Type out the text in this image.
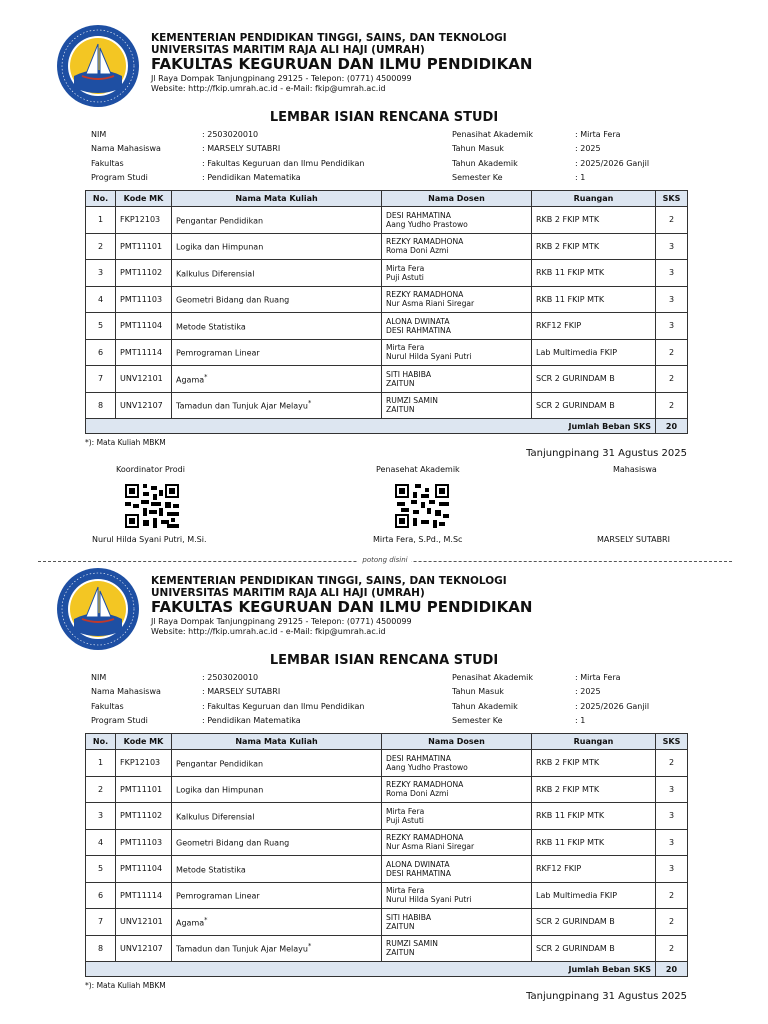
KEMENTERIAN PENDIDIKAN TINGGI, SAINS, DAN TEKNOLOGI
UNIVERSITAS MARITIM RAJA ALI HAJI (UMRAH)
FAKULTAS KEGURUAN DAN ILMU PENDIDIKAN
Jl Raya Dompak Tanjungpinang 29125 - Telepon: (0771) 4500099
Website: http://fkip.umrah.ac.id - e-Mail: fkip@umrah.ac.id
LEMBAR ISIAN RENCANA STUDI
NIM	: 2503020010
Nama Mahasiswa	: MARSELY SUTABRI
Fakultas	: Fakultas Keguruan dan Ilmu Pendidikan
Program Studi	: Pendidikan Matematika
Penasihat Akademik	: Mirta Fera
Tahun Masuk	: 2025
Tahun Akademik	: 2025/2026 Ganjil
Semester Ke	: 1
No.	Kode MK	Nama Mata Kuliah	Nama Dosen	Ruangan	SKS
1	FKP12103	Pengantar Pendidikan	DESI RAHMATINA
Aang Yudho Prastowo	RKB 2 FKIP MTK	2
2	PMT11101	Logika dan Himpunan	REZKY RAMADHONA
Roma Doni Azmi	RKB 2 FKIP MTK	3
3	PMT11102	Kalkulus Diferensial	Mirta Fera
Puji Astuti	RKB 11 FKIP MTK	3
4	PMT11103	Geometri Bidang dan Ruang	REZKY RAMADHONA
Nur Asma Riani Siregar	RKB 11 FKIP MTK	3
5	PMT11104	Metode Statistika	ALONA DWINATA
DESI RAHMATINA	RKF12 FKIP	3
6	PMT11114	Pemrograman Linear	Mirta Fera
Nurul Hilda Syani Putri	Lab Multimedia FKIP	2
7	UNV12101	Agama*	SITI HABIBA
ZAITUN	SCR 2 GURINDAM B	2
8	UNV12107	Tamadun dan Tunjuk Ajar Melayu*	RUMZI SAMIN
ZAITUN	SCR 2 GURINDAM B	2
Jumlah Beban SKS					20
*): Mata Kuliah MBKM
Tanjungpinang 31 Agustus 2025
Koordinator Prodi	Penasehat Akademik	Mahasiswa
Nurul Hilda Syani Putri, M.Si.	Mirta Fera, S.Pd., M.Sc	MARSELY SUTABRI
potong disini
KEMENTERIAN PENDIDIKAN TINGGI, SAINS, DAN TEKNOLOGI
UNIVERSITAS MARITIM RAJA ALI HAJI (UMRAH)
FAKULTAS KEGURUAN DAN ILMU PENDIDIKAN
Jl Raya Dompak Tanjungpinang 29125 - Telepon: (0771) 4500099
Website: http://fkip.umrah.ac.id - e-Mail: fkip@umrah.ac.id
LEMBAR ISIAN RENCANA STUDI
NIM	: 2503020010
Nama Mahasiswa	: MARSELY SUTABRI
Fakultas	: Fakultas Keguruan dan Ilmu Pendidikan
Program Studi	: Pendidikan Matematika
Penasihat Akademik	: Mirta Fera
Tahun Masuk	: 2025
Tahun Akademik	: 2025/2026 Ganjil
Semester Ke	: 1
No.	Kode MK	Nama Mata Kuliah	Nama Dosen	Ruangan	SKS
1	FKP12103	Pengantar Pendidikan	DESI RAHMATINA
Aang Yudho Prastowo	RKB 2 FKIP MTK	2
2	PMT11101	Logika dan Himpunan	REZKY RAMADHONA
Roma Doni Azmi	RKB 2 FKIP MTK	3
3	PMT11102	Kalkulus Diferensial	Mirta Fera
Puji Astuti	RKB 11 FKIP MTK	3
4	PMT11103	Geometri Bidang dan Ruang	REZKY RAMADHONA
Nur Asma Riani Siregar	RKB 11 FKIP MTK	3
5	PMT11104	Metode Statistika	ALONA DWINATA
DESI RAHMATINA	RKF12 FKIP	3
6	PMT11114	Pemrograman Linear	Mirta Fera
Nurul Hilda Syani Putri	Lab Multimedia FKIP	2
7	UNV12101	Agama*	SITI HABIBA
ZAITUN	SCR 2 GURINDAM B	2
8	UNV12107	Tamadun dan Tunjuk Ajar Melayu*	RUMZI SAMIN
ZAITUN	SCR 2 GURINDAM B	2
Jumlah Beban SKS					20
*): Mata Kuliah MBKM
Tanjungpinang 31 Agustus 2025
